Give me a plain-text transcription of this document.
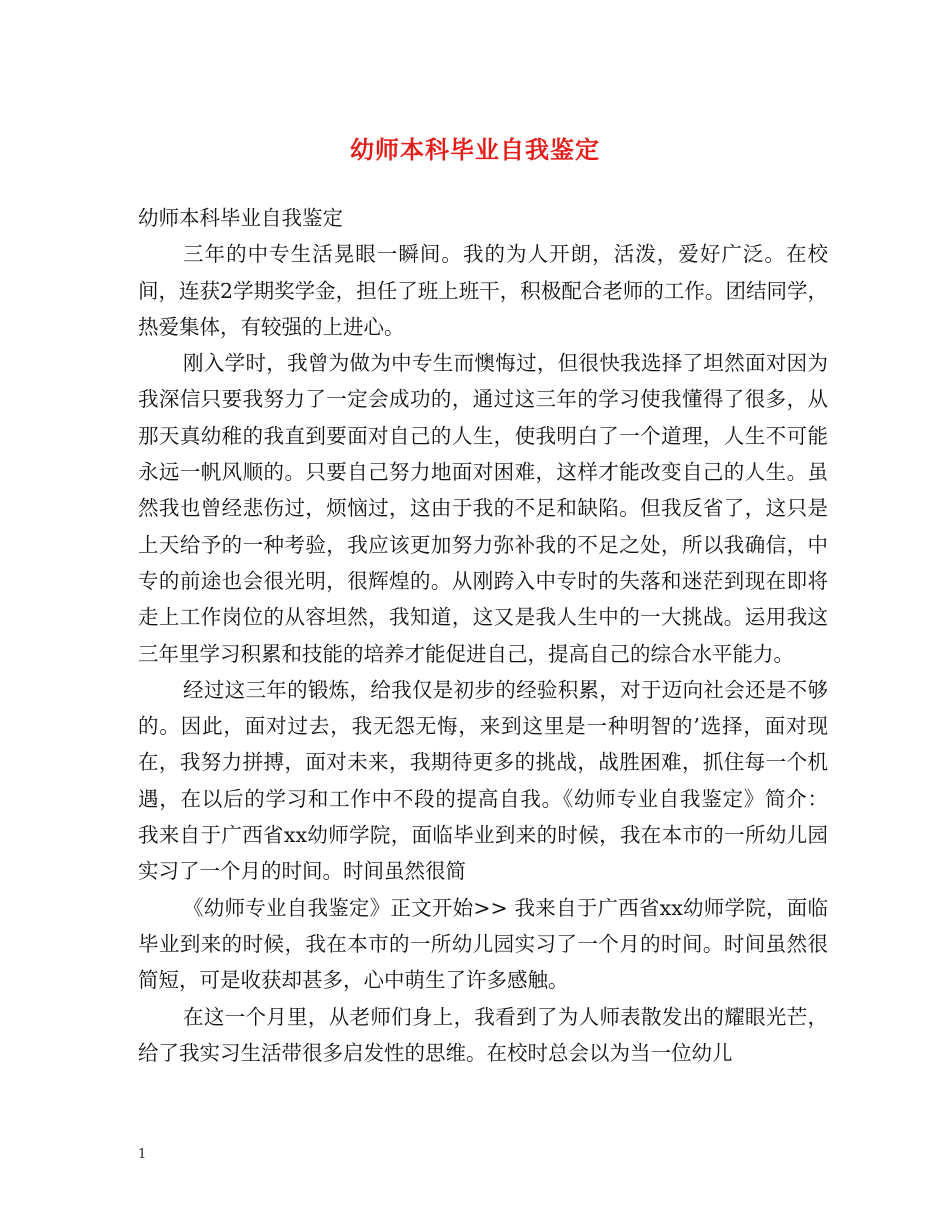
幼师本科毕业自我鉴定

幼师本科毕业自我鉴定

三年的中专生活晃眼一瞬间。我的为人开朗，活泼，爱好广泛。在校间，连获2学期奖学金，担任了班上班干，积极配合老师的工作。团结同学，热爱集体，有较强的上进心。

刚入学时，我曾为做为中专生而懊悔过，但很快我选择了坦然面对因为我深信只要我努力了一定会成功的，通过这三年的学习使我懂得了很多，从那天真幼稚的我直到要面对自己的人生，使我明白了一个道理，人生不可能永远一帆风顺的。只要自己努力地面对困难，这样才能改变自己的人生。虽然我也曾经悲伤过，烦恼过，这由于我的不足和缺陷。但我反省了，这只是上天给予的一种考验，我应该更加努力弥补我的不足之处，所以我确信，中专的前途也会很光明，很辉煌的。从刚跨入中专时的失落和迷茫到现在即将走上工作岗位的从容坦然，我知道，这又是我人生中的一大挑战。运用我这三年里学习积累和技能的培养才能促进自己，提高自己的综合水平能力。

经过这三年的锻炼，给我仅是初步的经验积累，对于迈向社会还是不够的。因此，面对过去，我无怨无悔，来到这里是一种明智的’选择，面对现在，我努力拼搏，面对未来，我期待更多的挑战，战胜困难，抓住每一个机遇，在以后的学习和工作中不段的提高自我。《幼师专业自我鉴定》简介： 我来自于广西省xx幼师学院，面临毕业到来的时候，我在本市的一所幼儿园实习了一个月的时间。时间虽然很简

《幼师专业自我鉴定》正文开始>> 我来自于广西省xx幼师学院，面临毕业到来的时候，我在本市的一所幼儿园实习了一个月的时间。时间虽然很简短，可是收获却甚多，心中萌生了许多感触。

在这一个月里，从老师们身上，我看到了为人师表散发出的耀眼光芒，给了我实习生活带很多启发性的思维。在校时总会以为当一位幼儿

1
